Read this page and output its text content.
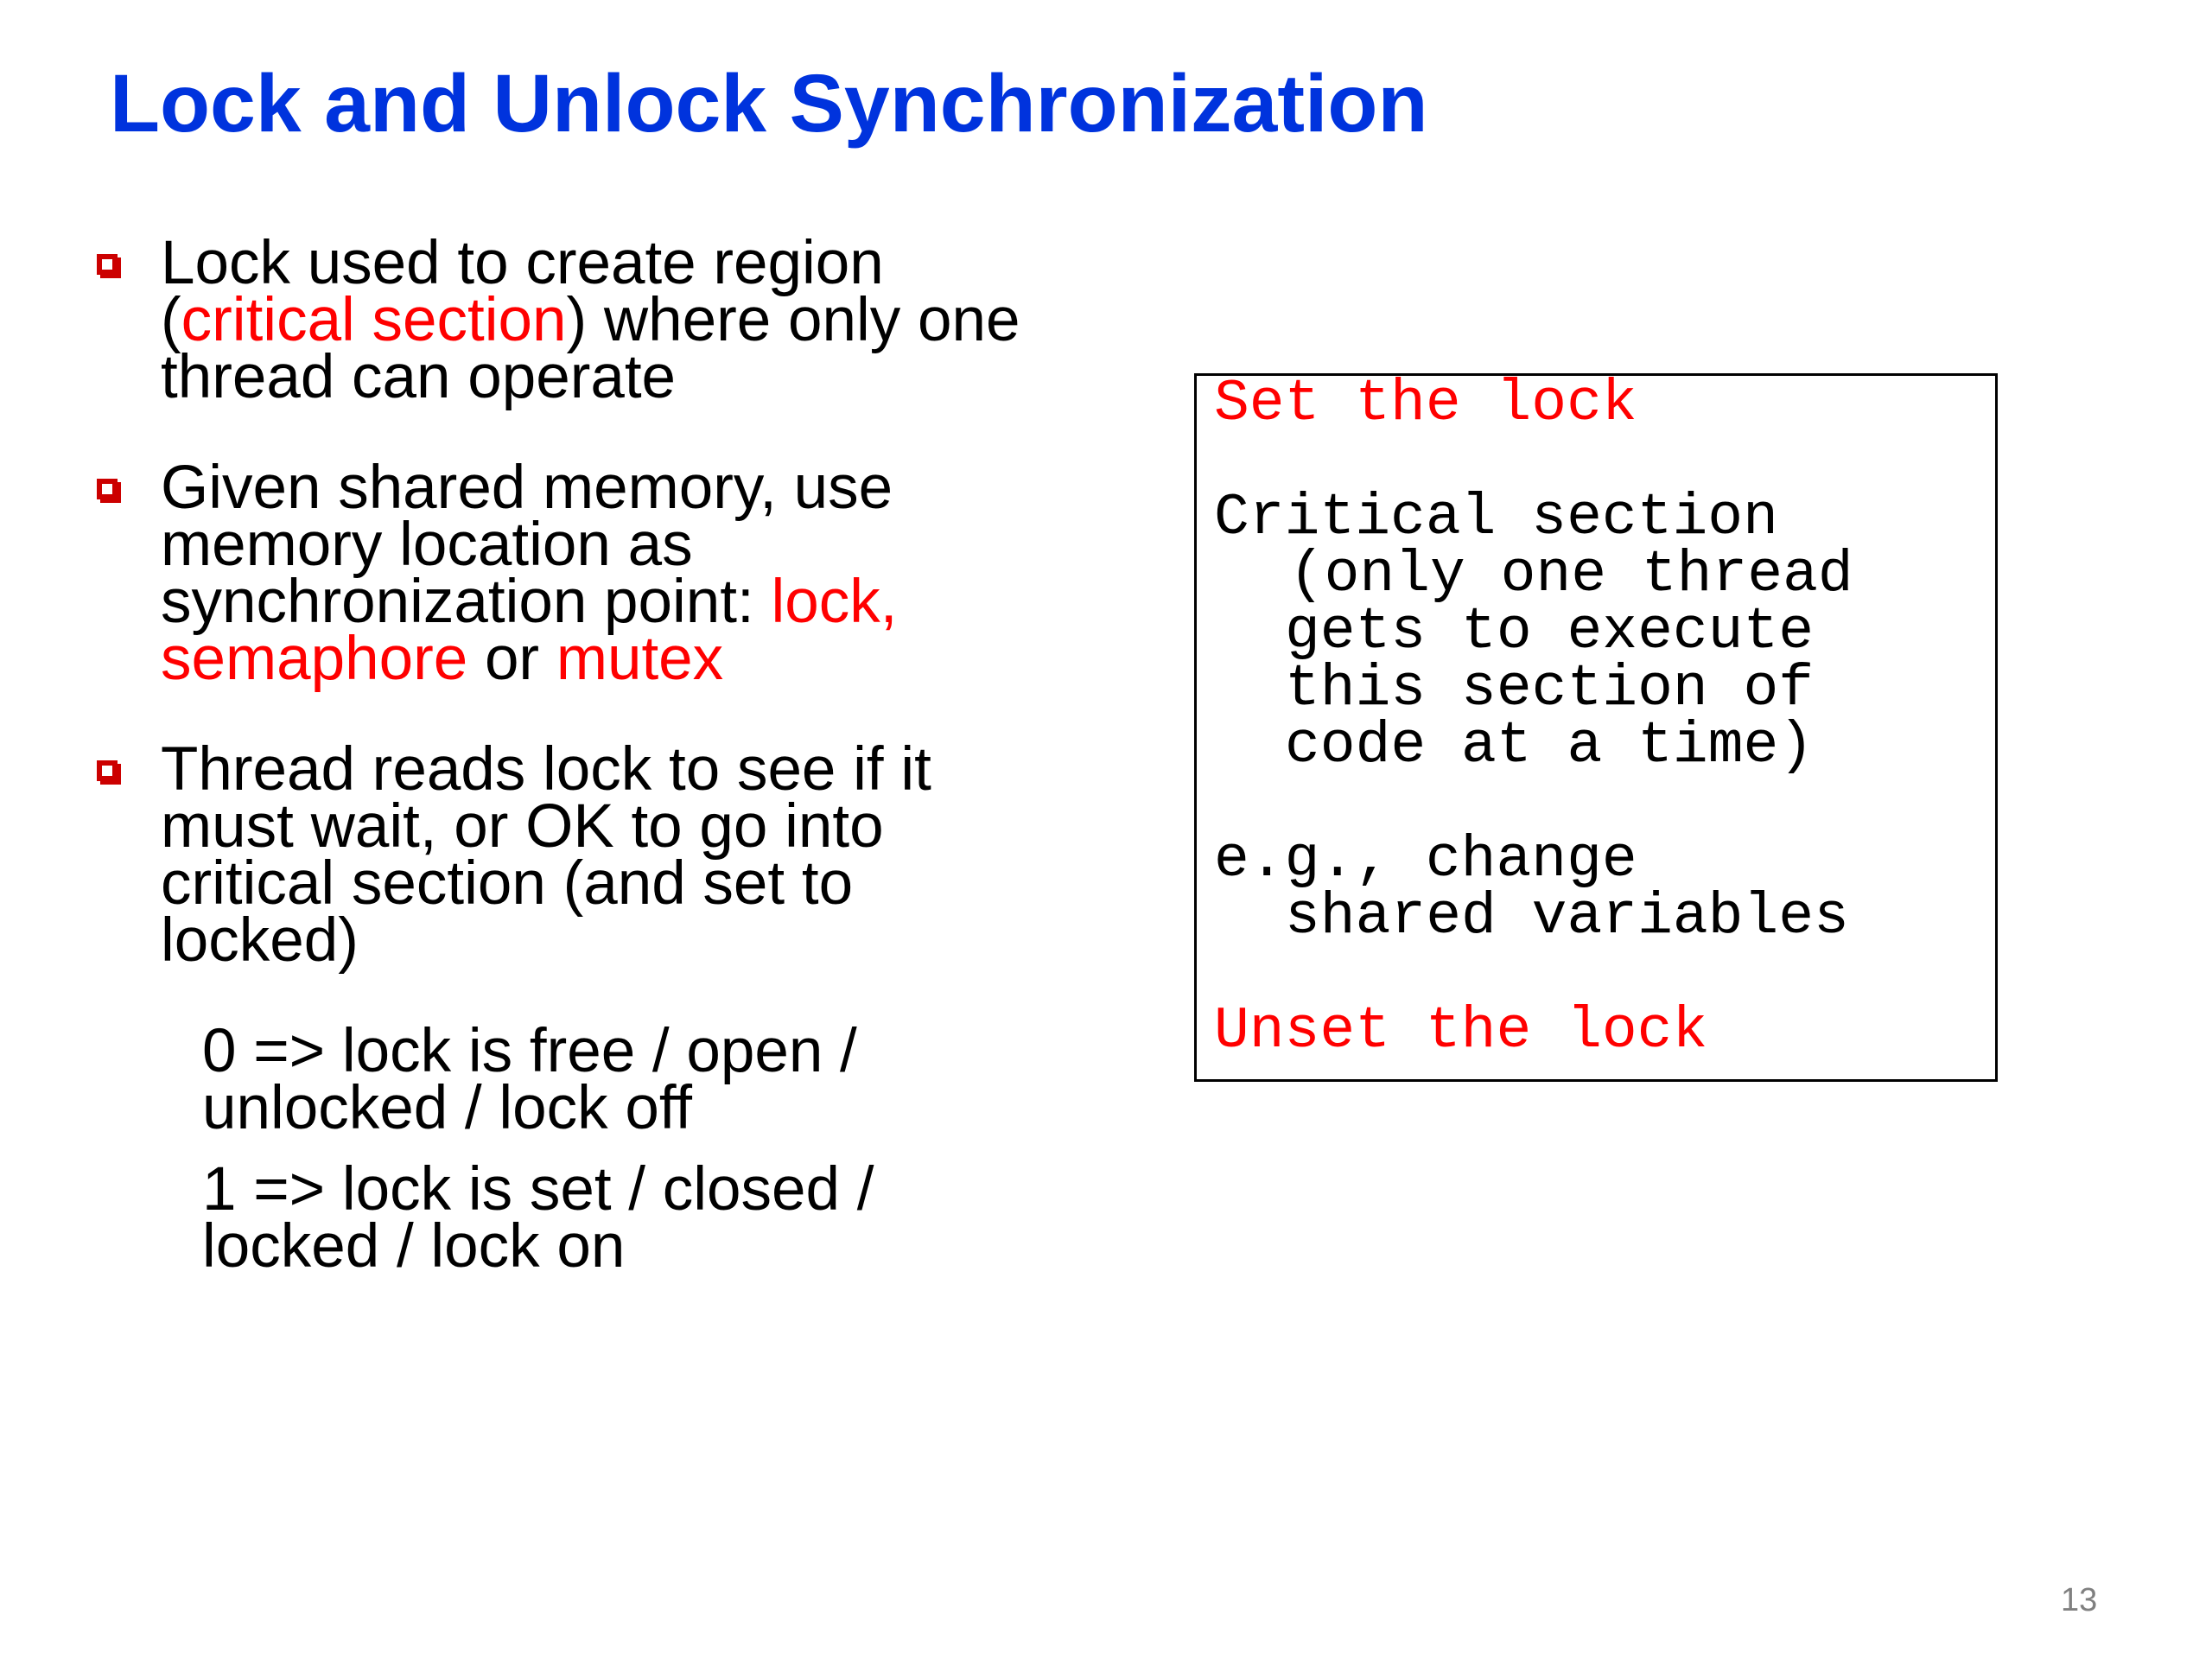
Lock and Unlock Synchronization
Lock used to create region (critical section) where only one thread can operate
Given shared memory, use memory location as synchronization point: lock, semaphore or mutex
Thread reads lock to see if it must wait, or OK to go into critical section (and set to locked)
0 => lock is free / open / unlocked / lock off
1 => lock is set / closed / locked / lock on
Set the lock
Critical section
(only one thread
gets to execute
this section of
code at a time)
e.g., change
shared variables
Unset the lock
13
